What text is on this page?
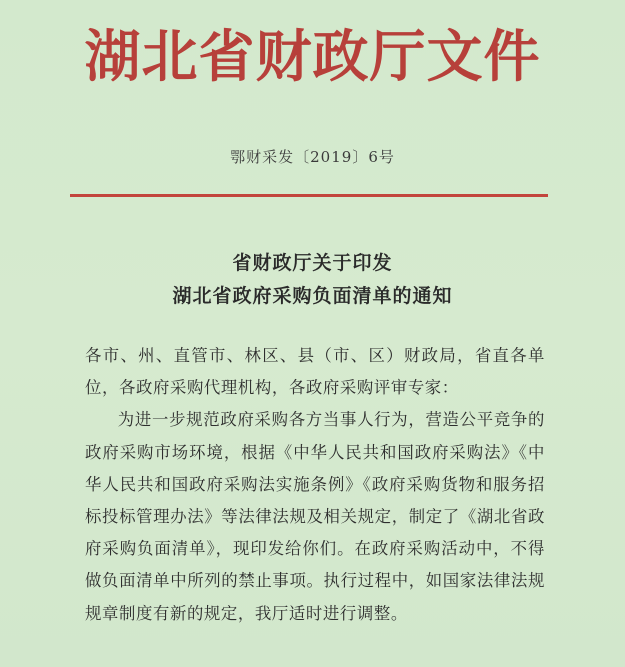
湖北省财政厅文件
鄂财采发〔2019〕6号
省财政厅关于印发
湖北省政府采购负面清单的通知

各市、州、直管市、林区、县（市、区）财政局，省直各单位，各政府采购代理机构，各政府采购评审专家：

为进一步规范政府采购各方当事人行为，营造公平竞争的政府采购市场环境，根据《中华人民共和国政府采购法》《中华人民共和国政府采购法实施条例》《政府采购货物和服务招标投标管理办法》等法律法规及相关规定，制定了《湖北省政府采购负面清单》，现印发给你们。在政府采购活动中，不得做负面清单中所列的禁止事项。执行过程中，如国家法律法规规章制度有新的规定，我厅适时进行调整。
